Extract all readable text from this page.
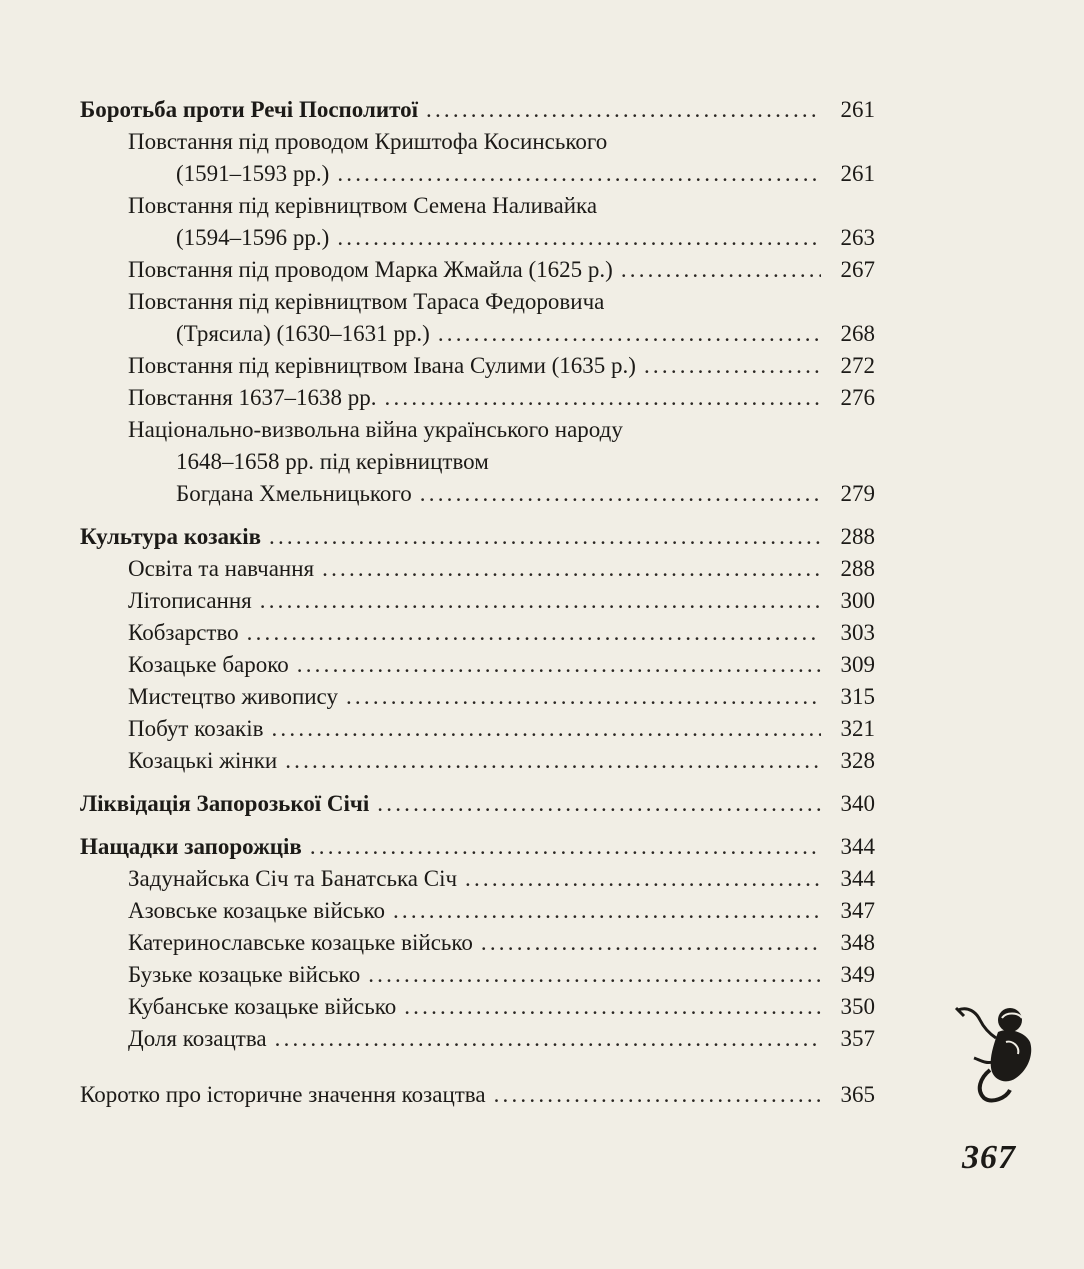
Боротьба проти Речі Посполитої .....	261
Повстання під проводом Криштофа Косинського
(1591–1593 рр.) .....	261
Повстання під керівництвом Семена Наливайка
(1594–1596 рр.) .....	263
Повстання під проводом Марка Жмайла (1625 р.) .....	267
Повстання під керівництвом Тараса Федоровича
(Трясила) (1630–1631 рр.) .....	268
Повстання під керівництвом Івана Сулими (1635 р.) .....	272
Повстання 1637–1638 рр. .....	276
Національно-визвольна війна українського народу
1648–1658 рр. під керівництвом
Богдана Хмельницького .....	279
Культура козаків .....	288
Освіта та навчання .....	288
Літописання .....	300
Кобзарство .....	303
Козацьке бароко .....	309
Мистецтво живопису .....	315
Побут козаків .....	321
Козацькі жінки .....	328
Ліквідація Запорозької Січі .....	340
Нащадки запорожців .....	344
Задунайська Січ та Банатська Січ .....	344
Азовське козацьке військо .....	347
Катеринославське козацьке військо .....	348
Бузьке козацьке військо .....	349
Кубанське козацьке військо .....	350
Доля козацтва .....	357
Коротко про історичне значення козацтва .....	365
367
